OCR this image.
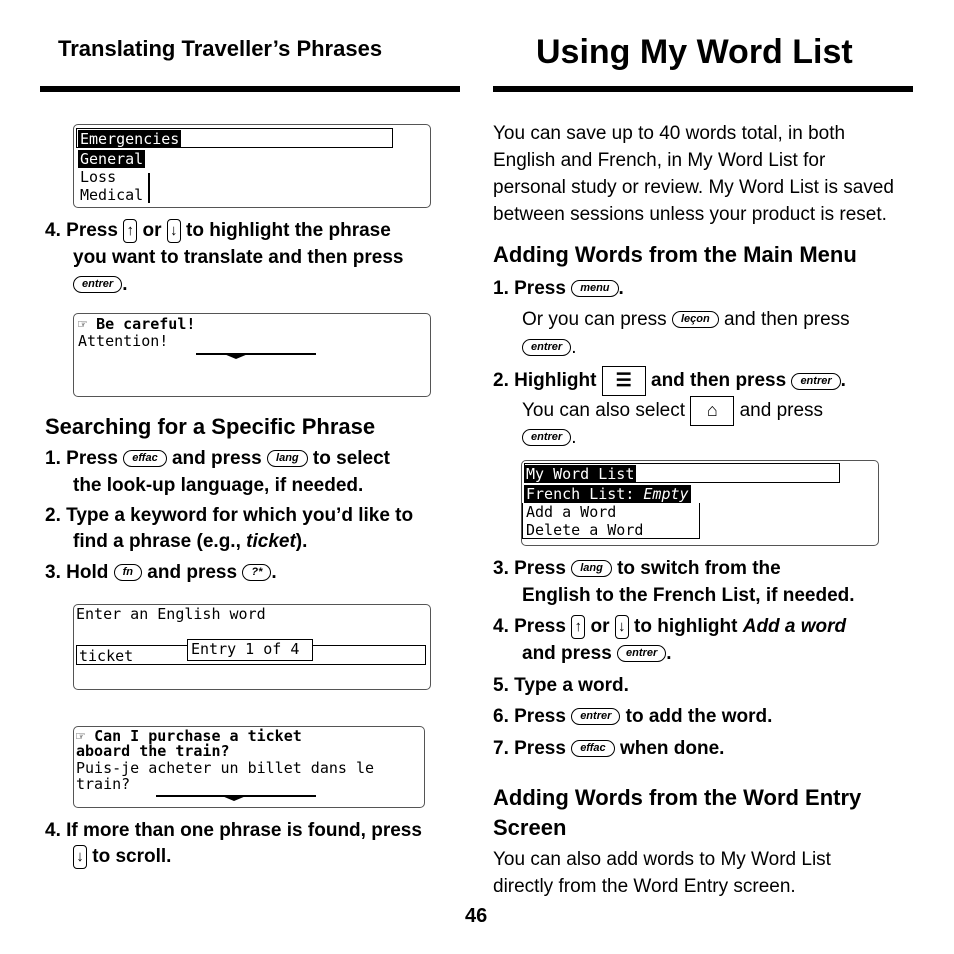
Translating Traveller’s Phrases	Using My Word List
Emergencies
General
Loss
Medical
4. Press ↑ or ↓ to highlight the phrase
you want to translate and then press
entrer .
☞ Be careful!
Attention!
Searching for a Specific Phrase
1. Press effac and press lang to select
the look-up language, if needed.
2. Type a keyword for which you’d like to
find a phrase (e.g., ticket).
3. Hold fn and press ?* .
Enter an English word
ticket	Entry 1 of 4
☞ Can I purchase a ticket
aboard the train?
Puis-je acheter un billet dans le
train?
4. If more than one phrase is found, press
↓ to scroll.
You can save up to 40 words total, in both
English and French, in My Word List for
personal study or review. My Word List is saved
between sessions unless your product is reset.
Adding Words from the Main Menu
1. Press menu .
Or you can press leçon and then press
entrer .
2. Highlight ☰ and then press entrer .
You can also select ⌂ and press
entrer .
My Word List
French List: Empty
Add a Word
Delete a Word
3. Press lang to switch from the
English to the French List, if needed.
4. Press ↑ or ↓ to highlight Add a word
and press entrer .
5. Type a word.
6. Press entrer to add the word.
7. Press effac when done.
Adding Words from the Word Entry
Screen
You can also add words to My Word List
directly from the Word Entry screen.
46
